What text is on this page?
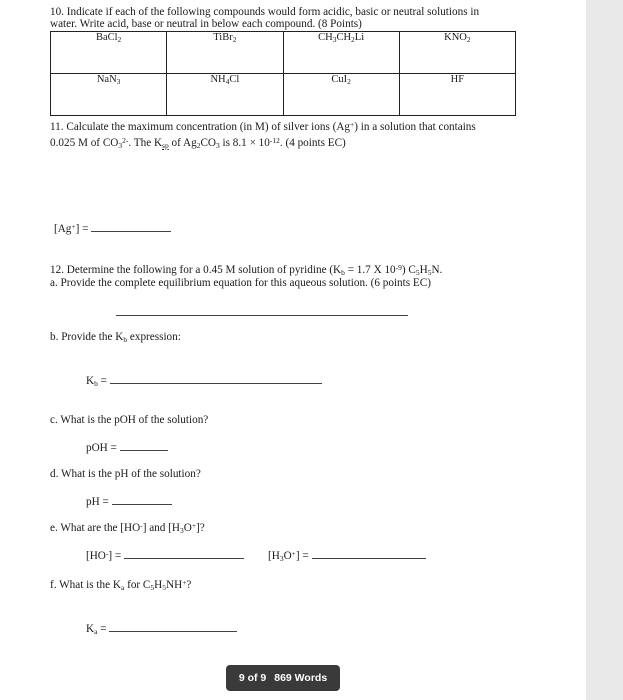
10. Indicate if each of the following compounds would form acidic, basic or neutral solutions in
water. Write acid, base or neutral in below each compound. (8 Points)
BaCl$_2$	TiBr$_2$	$CH_3CH_2Li$	$KNO_2$
NaN$_3$	$NH_4Cl$	CuI$_2$	HF
11. Calculate the maximum concentration (in M) of silver ions (Ag+) in a solution that contains
0.025 M of $CO_3^{2-}$. The $K_{sp}$ of $Ag_2CO_3$ is $8.1 \times 10^{-12}$. (4 points EC)
[Ag+] =
12. Determine the following for a 0.45 M solution of pyridine ($K_b = 1.7$ X $10^{-9}$) $C_5H_5N$.
a. Provide the complete equilibrium equation for this aqueous solution. (6 points EC)
b. Provide the $K_b$ expression:
$K_b$ =
c. What is the pOH of the solution?
pOH =
d. What is the pH of the solution?
pH =
e. What are the [HO-] and $[H_3O^+]$?
[HO-] =	$[H_3O^+]$ =
f. What is the $K_a$ for $C_5H_5NH^+$?
$K_a$ =
9 of 9 869 Words
